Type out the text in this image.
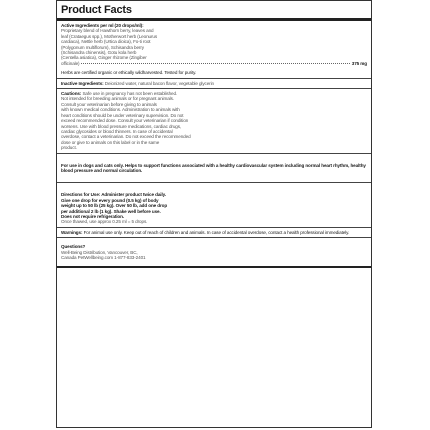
Product Facts
Active Ingredients per ml (20 drops/ml):
Proprietary blend of Hawthorn berry, leaves and
leaf (Crataegus spp.), Motherwort herb (Leonurus
cardiaca), Nettle herb (Urtica dioica), Fo-ti root
(Polygonum multiflorum), Schisandra berry
(Schisandra chinensis), Gotu kola herb
(Centella asiatica), Ginger rhizome (Zingiber
officinale)	375 mg
Herbs are certified organic or ethically wildharvested. Tested for purity.
Inactive Ingredients: Deionized water, natural bacon flavor, vegetable glycerin
Cautions: Safe use in pregnancy has not been established.
Not intended for breeding animals or for pregnant animals.
Consult your veterinarian before giving to animals
with known medical conditions. Administration to animals with
heart conditions should be under veterinary supervision. Do not
exceed recommended dose. Consult your veterinarian if condition
worsens. Use with blood pressure medications, cardiac drugs,
cardiac glycosides or blood thinners. In case of accidental
overdose, contact a veterinarian. Do not exceed the recommended
dose or give to animals on this label or in the same
product.
For use in dogs and cats only. Helps to support functions associated with a healthy cardiovascular system including normal heart rhythm, healthy blood pressure and normal circulation.
Directions for Use: Administer product twice daily.
Give one drop for every pound (0.5 kg) of body
weight up to 50 lb (25 kg). Over 50 lb, add one drop
per additional 2 lb (1 kg). Shake well before use.
Does not require refrigeration.
Once thawed, use approx 0.25 ml = 5 drops.
Warnings: For animal use only. Keep out of reach of children and animals. In case of accidental overdose, contact a health professional immediately.
Questions?
Well-Being Distribution, Vancouver, BC,
Canada PetWellbeing.com 1-877-833-2401
